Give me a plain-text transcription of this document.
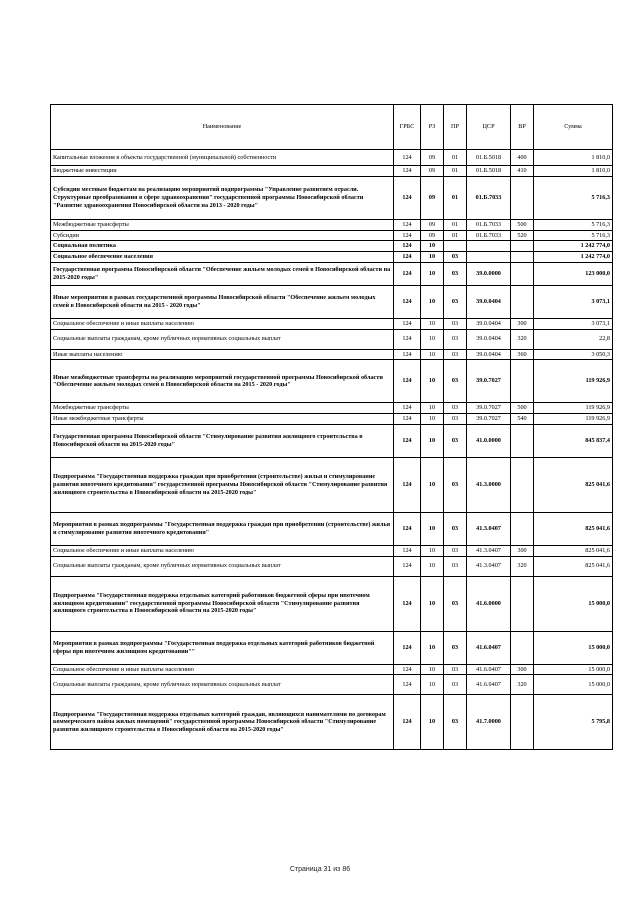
Наименование	ГРБС	РЗ	ПР	ЦСР	ВР	Сумма
Капитальные вложения в объекты государственной (муниципальной) собственности	124	09	01	01.Б.5018	400	1 810,0
Бюджетные инвестиции	124	09	01	01.Б.5018	410	1 810,0
Субсидии местным бюджетам на реализацию мероприятий подпрограммы "Управление развитием отрасли. Структурные преобразования в сфере здравоохранения" государственной программы Новосибирской области "Развитие здравоохранения Новосибирской области на 2013 - 2020 годы"	124	09	01	01.Б.7033		5 716,3
Межбюджетные трансферты	124	09	01	01.Б.7033	500	5 716,3
Субсидии	124	09	01	01.Б.7033	520	5 716,3
Социальная политика	124	10				1 242 774,0
Социальное обеспечение населения	124	10	03			1 242 774,0
Государственная программа Новосибирской области "Обеспечение жильем молодых семей в Новосибирской области на 2015-2020 годы"	124	10	03	39.0.0000		123 000,0
Иные мероприятия в рамках государственной программы Новосибирской области "Обеспечение жильем молодых семей в Новосибирской области на 2015 - 2020 годы"	124	10	03	39.0.0404		3 073,1
Социальное обеспечение и иные выплаты населению	124	10	03	39.0.0404	300	3 073,1
Социальные выплаты гражданам, кроме публичных нормативных социальных выплат	124	10	03	39.0.0404	320	22,8
Иные выплаты населению	124	10	03	39.0.0404	360	3 050,3
Иные межбюджетные трансферты на реализацию мероприятий государственной программы Новосибирской области "Обеспечение жильем молодых семей в Новосибирской области на 2015 - 2020 годы"	124	10	03	39.0.7027		119 926,9
Межбюджетные трансферты	124	10	03	39.0.7027	500	119 926,9
Иные межбюджетные трансферты	124	10	03	39.0.7027	540	119 926,9
Государственная программа Новосибирской области "Стимулирование развития жилищного строительства в Новосибирской области на 2015-2020 годы"	124	10	03	41.0.0000		845 837,4
Подпрограмма "Государственная поддержка граждан при приобретении (строительстве) жилья и стимулирование развития ипотечного кредитования" государственной программы Новосибирской области "Стимулирование развития жилищного строительства в Новосибирской области на 2015-2020 годы"	124	10	03	41.3.0000		825 041,6
Мероприятия в рамках подпрограммы "Государственная поддержка граждан при приобретении (строительстве) жилья и стимулирование развития ипотечного кредитования"	124	10	03	41.3.0407		825 041,6
Социальное обеспечение и иные выплаты населению	124	10	03	41.3.0407	300	825 041,6
Социальные выплаты гражданам, кроме публичных нормативных социальных выплат	124	10	03	41.3.0407	320	825 041,6
Подпрограмма "Государственная поддержка отдельных категорий работников бюджетной сферы при ипотечном жилищном кредитовании" государственной программы Новосибирской области "Стимулирование развития жилищного строительства в Новосибирской области на 2015-2020 годы"	124	10	03	41.6.0000		15 000,0
Мероприятия в рамках подпрограммы "Государственная поддержка отдельных категорий работников бюджетной сферы при ипотечном жилищном кредитовании""	124	10	03	41.6.0407		15 000,0
Социальное обеспечение и иные выплаты населению	124	10	03	41.6.0407	300	15 000,0
Социальные выплаты гражданам, кроме публичных нормативных социальных выплат	124	10	03	41.6.0407	320	15 000,0
Подпрограмма "Государственная поддержка отдельных категорий граждан, являющихся нанимателями по договорам коммерческого найма жилых помещений" государственной программы Новосибирской области "Стимулирование развития жилищного строительства в Новосибирской области на 2015-2020 годы"	124	10	03	41.7.0000		5 795,8
Страница 31 из 86
